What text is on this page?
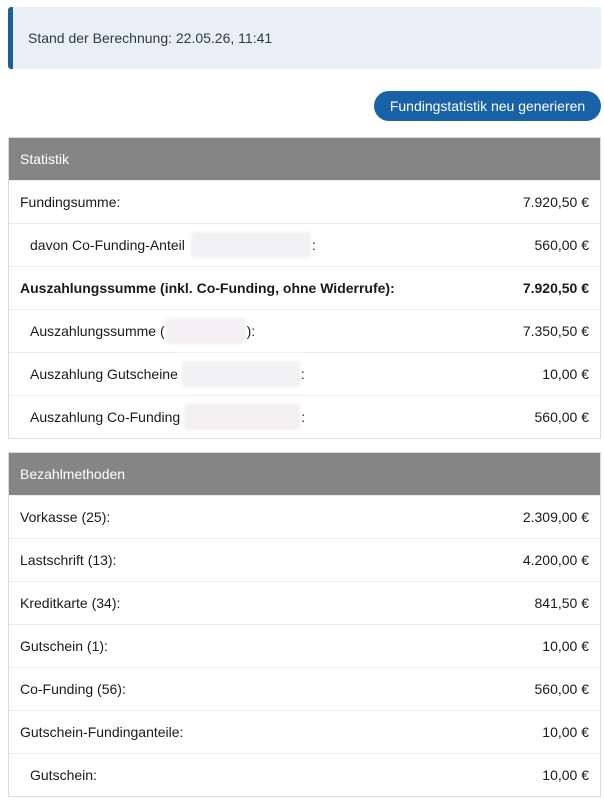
Stand der Berechnung: 22.05.26, 11:41
Fundingstatistik neu generieren
Statistik
Fundingsumme:	7.920,50 €
davon Co-Funding-Anteil	:	560,00 €
Auszahlungssumme (inkl. Co-Funding, ohne Widerrufe):	7.920,50 €
Auszahlungssumme (	):	7.350,50 €
Auszahlung Gutscheine	:	10,00 €
Auszahlung Co-Funding	:	560,00 €
Bezahlmethoden
Vorkasse (25):	2.309,00 €
Lastschrift (13):	4.200,00 €
Kreditkarte (34):	841,50 €
Gutschein (1):	10,00 €
Co-Funding (56):	560,00 €
Gutschein-Fundinganteile:	10,00 €
Gutschein:	10,00 €
